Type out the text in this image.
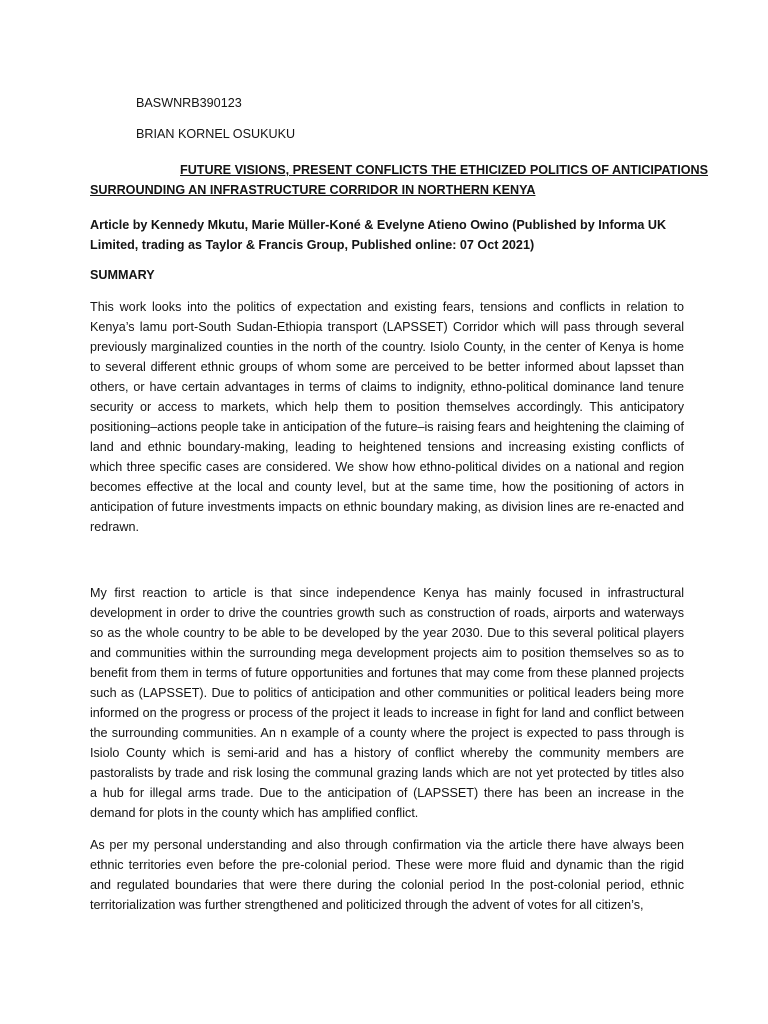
BASWNRB390123
BRIAN KORNEL OSUKUKU
FUTURE VISIONS, PRESENT CONFLICTS THE ETHICIZED POLITICS OF ANTICIPATIONS
SURROUNDING AN INFRASTRUCTURE CORRIDOR IN NORTHERN KENYA
Article by Kennedy Mkutu, Marie Müller-Koné & Evelyne Atieno Owino (Published by Informa UK
Limited, trading as Taylor & Francis Group, Published online: 07 Oct 2021)
SUMMARY
This work looks into the politics of expectation and existing fears, tensions and conflicts in relation to Kenya’s lamu port-South Sudan-Ethiopia transport (LAPSSET) Corridor which will pass through several previously marginalized counties in the north of the country. Isiolo County, in the center of Kenya is home to several different ethnic groups of whom some are perceived to be better informed about lapsset than others, or have certain advantages in terms of claims to indignity, ethno-political dominance land tenure security or access to markets, which help them to position themselves accordingly. This anticipatory positioning–actions people take in anticipation of the future–is raising fears and heightening the claiming of land and ethnic boundary-making, leading to heightened tensions and increasing existing conflicts of which three specific cases are considered. We show how ethno-political divides on a national and region becomes effective at the local and county level, but at the same time, how the positioning of actors in anticipation of future investments impacts on ethnic boundary making, as division lines are re-enacted and redrawn.
My first reaction to article is that since independence Kenya has mainly focused in infrastructural development in order to drive the countries growth such as construction of roads, airports and waterways so as the whole country to be able to be developed by the year 2030. Due to this several political players and communities within the surrounding mega development projects aim to position themselves so as to benefit from them in terms of future opportunities and fortunes that may come from these planned projects such as (LAPSSET). Due to politics of anticipation and other communities or political leaders being more informed on the progress or process of the project it leads to increase in fight for land and conflict between the surrounding communities. An n example of a county where the project is expected to pass through is Isiolo County which is semi-arid and has a history of conflict whereby the community members are pastoralists by trade and risk losing the communal grazing lands which are not yet protected by titles also a hub for illegal arms trade. Due to the anticipation of (LAPSSET) there has been an increase in the demand for plots in the county which has amplified conflict.
As per my personal understanding and also through confirmation via the article there have always been ethnic territories even before the pre-colonial period. These were more fluid and dynamic than the rigid and regulated boundaries that were there during the colonial period In the post-colonial period, ethnic territorialization was further strengthened and politicized through the advent of votes for all citizen’s,
